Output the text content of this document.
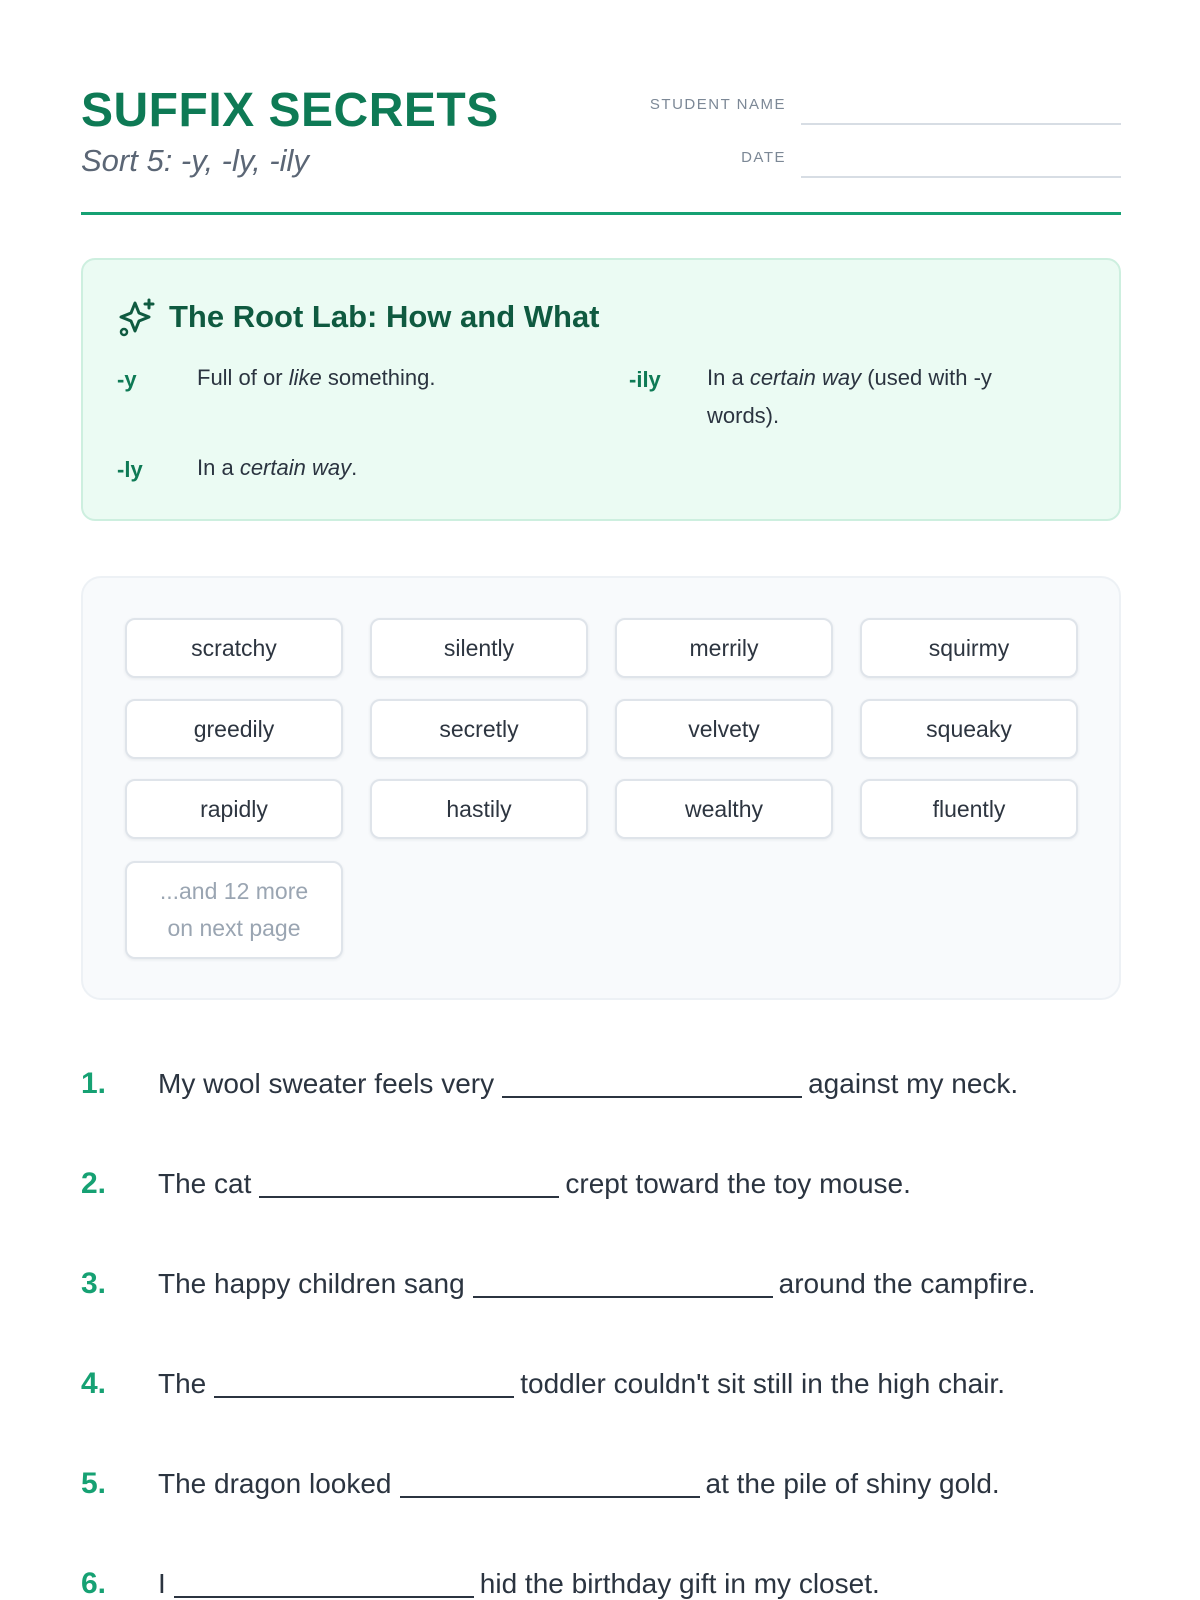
SUFFIX SECRETS
Sort 5: -y, -ly, -ily
STUDENT NAME
DATE
The Root Lab: How and What
-y	Full of or like something.	-ily In a certain way (used with -y words).
-ly In a certain way.
scratchy	silently	merrily	squirmy
greedily	secretly	velvety	squeaky
rapidly	hastily	wealthy	fluently
...and 12 more
on next page
1. My wool sweater feels very	against my neck.
2. The cat	crept toward the toy mouse.
3. The happy children sang	around the campfire.
4. The	toddler couldn't sit still in the high chair.
5. The dragon looked	at the pile of shiny gold.
6. I	hid the birthday gift in my closet.
